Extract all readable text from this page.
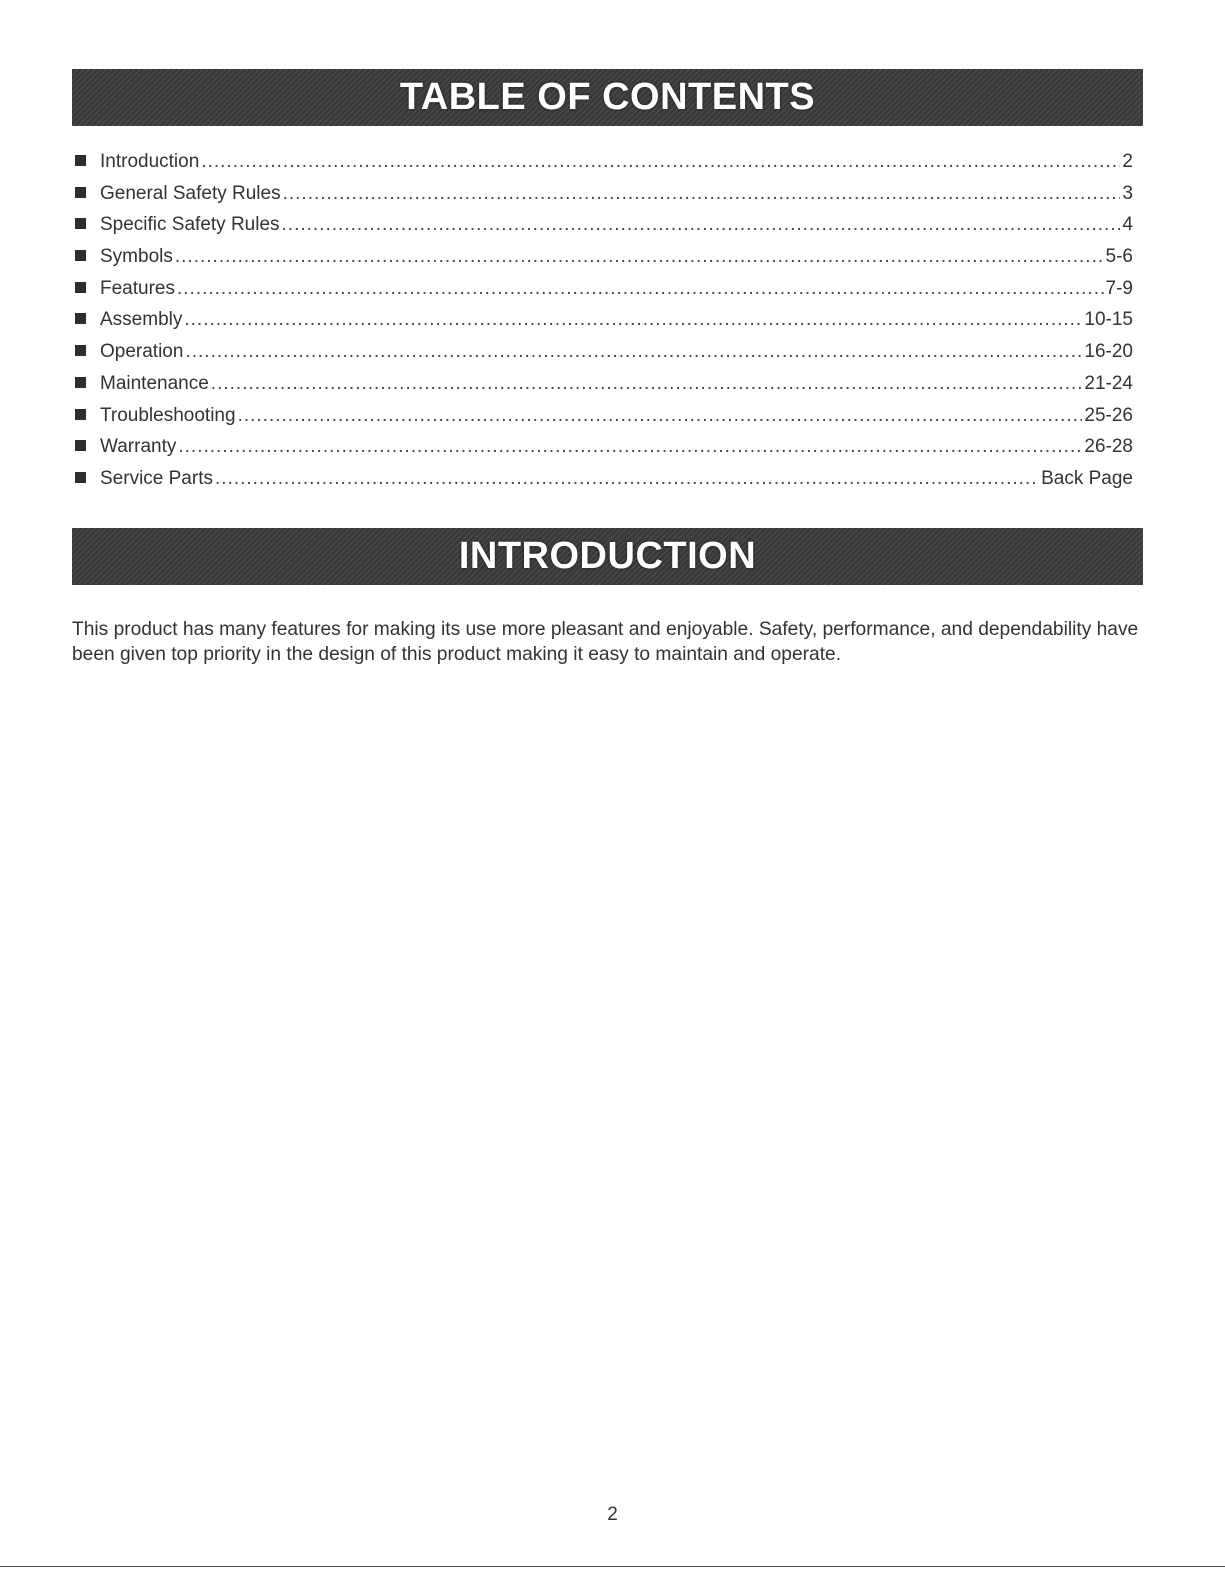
TABLE OF CONTENTS
Introduction .....	2
General Safety Rules .....	3
Specific Safety Rules .....	4
Symbols .....	5-6
Features .....	7-9
Assembly .....	10-15
Operation .....	16-20
Maintenance .....	21-24
Troubleshooting .....	25-26
Warranty .....	26-28
Service Parts .....	Back Page
INTRODUCTION

This product has many features for making its use more pleasant and enjoyable. Safety, performance, and dependability have been given top priority in the design of this product making it easy to maintain and operate.

2
